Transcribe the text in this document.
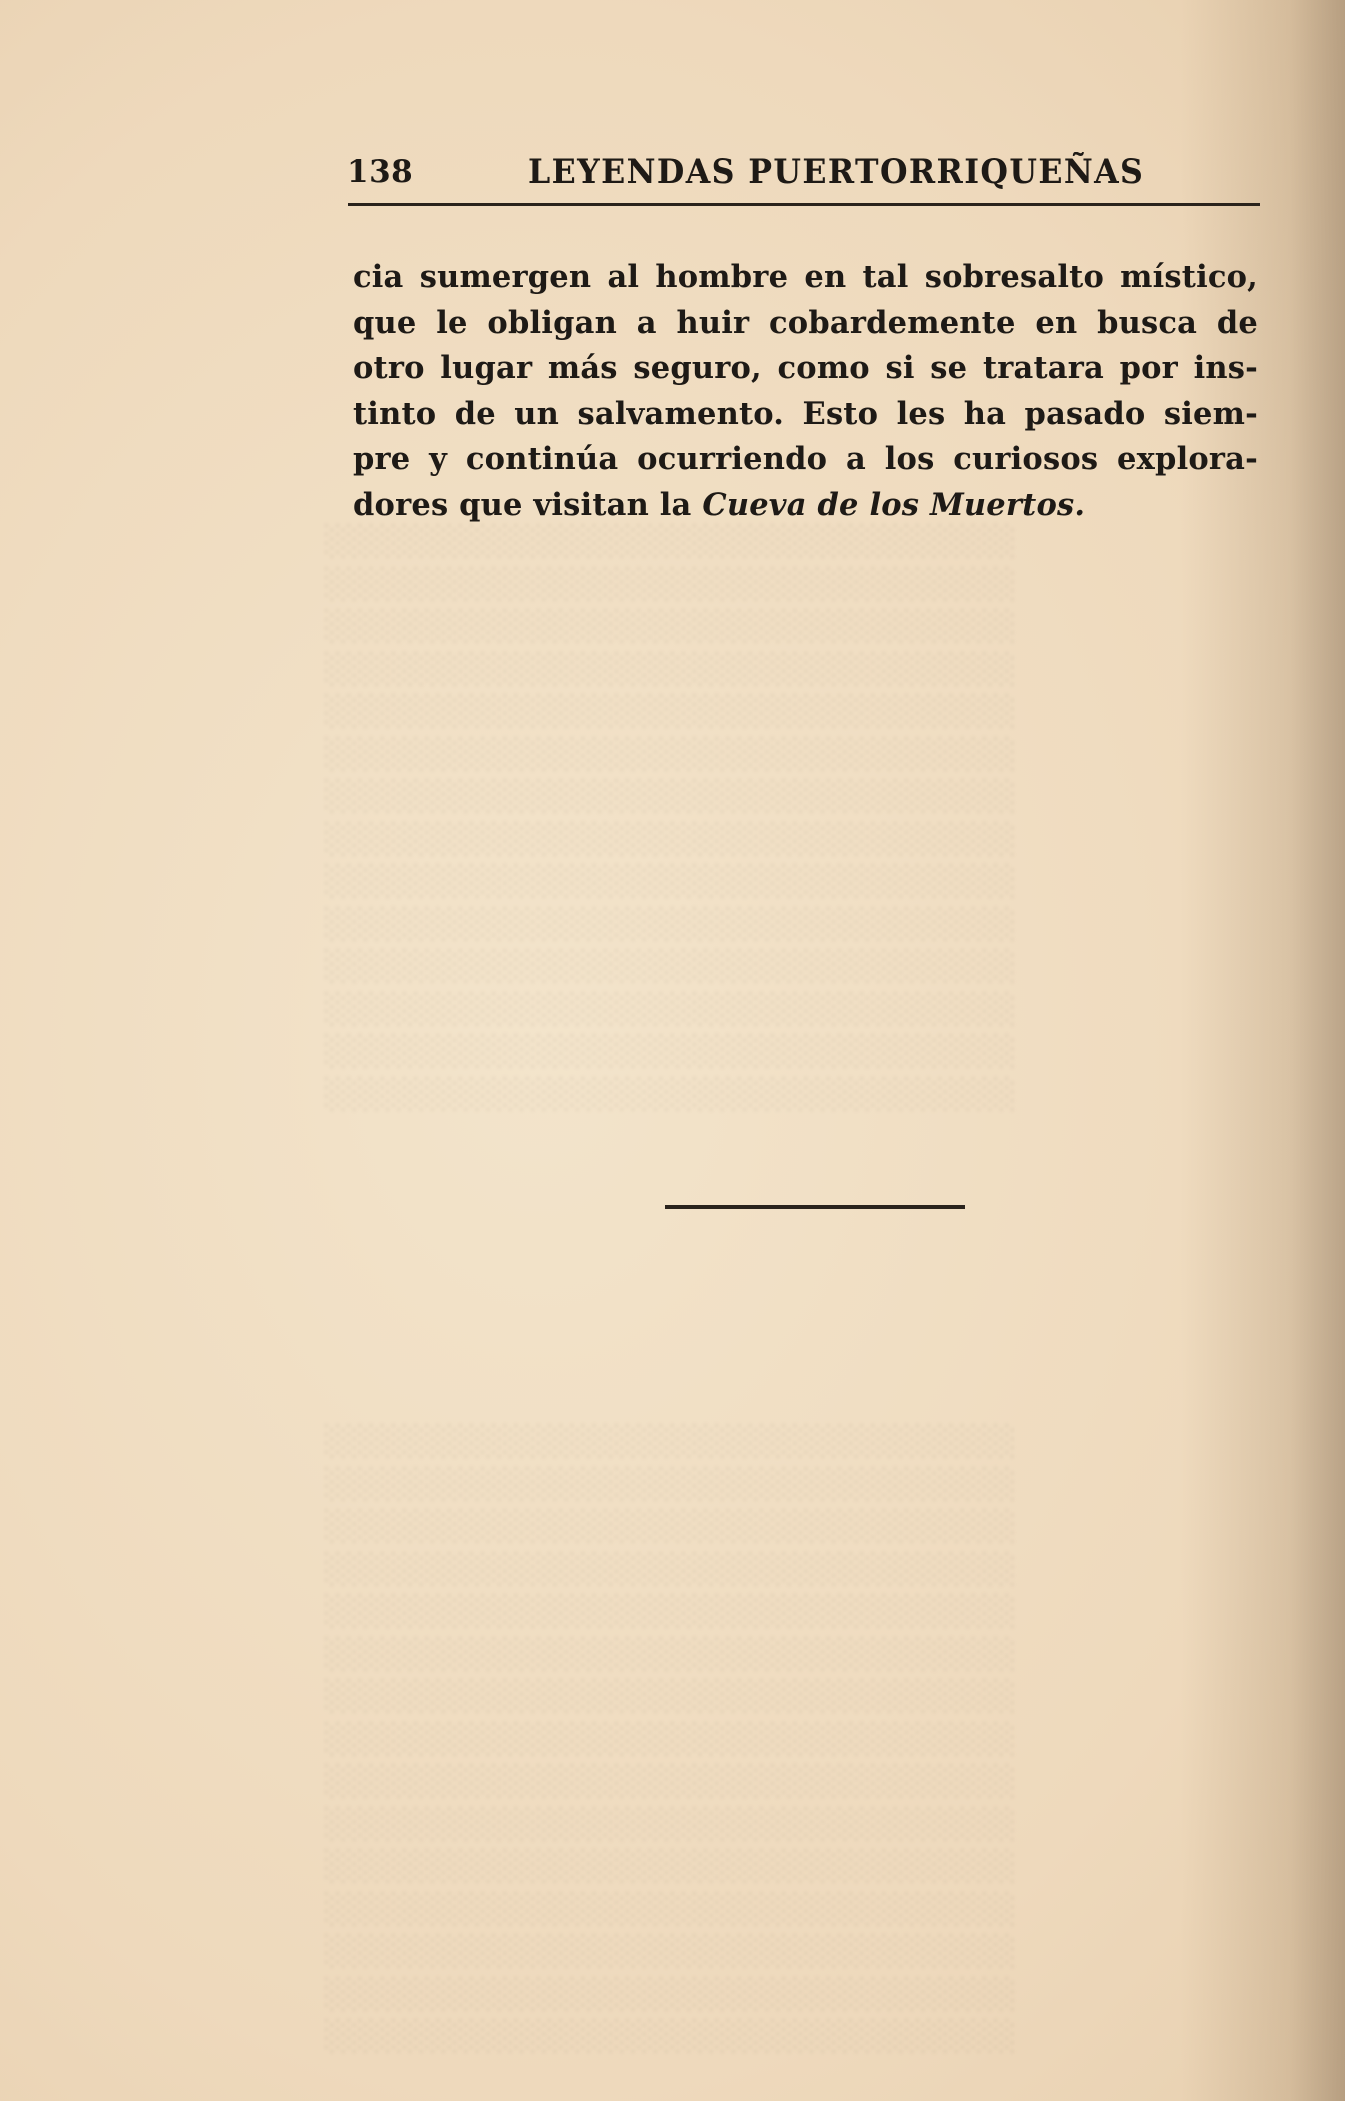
░░░░░░░░░░░░░░░░░░░░░░░░░░░░░░░
░░░░░░░░░░░░░░░░░░░░░░░░░░░░░░░
░░░░░░░░░░░░░░░░░░░░░░░░░░░░░░░
░░░░░░░░░░░░░░░░░░░░░░░░░░░░░░░
░░░░░░░░░░░░░░░░░░░░░░░░░░░░░░░
░░░░░░░░░░░░░░░░░░░░░░░░░░░░░░░
░░░░░░░░░░░░░░░░░░░░░░░░░░░░░░░
░░░░░░░░░░░░░░░░░░░░░░░░░░░░░░░
░░░░░░░░░░░░░░░░░░░░░░░░░░░░░░░
░░░░░░░░░░░░░░░░░░░░░░░░░░░░░░░
░░░░░░░░░░░░░░░░░░░░░░░░░░░░░░░
░░░░░░░░░░░░░░░░░░░░░░░░░░░░░░░
░░░░░░░░░░░░░░░░░░░░░░░░░░░░░░░
░░░░░░░░░░░░░░░░░░░░░░░░░░░░░░░
░░░░░░░░░░░░░░░░░░░░░░░░░░░░░░░
░░░░░░░░░░░░░░░░░░░░░░░░░░░░░░░
░░░░░░░░░░░░░░░░░░░░░░░░░░░░░░░
░░░░░░░░░░░░░░░░░░░░░░░░░░░░░░░
░░░░░░░░░░░░░░░░░░░░░░░░░░░░░░░
░░░░░░░░░░░░░░░░░░░░░░░░░░░░░░░
░░░░░░░░░░░░░░░░░░░░░░░░░░░░░░░
░░░░░░░░░░░░░░░░░░░░░░░░░░░░░░░
░░░░░░░░░░░░░░░░░░░░░░░░░░░░░░░
░░░░░░░░░░░░░░░░░░░░░░░░░░░░░░░
░░░░░░░░░░░░░░░░░░░░░░░░░░░░░░░
░░░░░░░░░░░░░░░░░░░░░░░░░░░░░░░
░░░░░░░░░░░░░░░░░░░░░░░░░░░░░░░
░░░░░░░░░░░░░░░░░░░░░░░░░░░░░░░
░░░░░░░░░░░░░░░░░░░░░░░░░░░░░░░
138	LEYENDAS PUERTORRIQUEÑAS
cia sumergen al hombre en tal sobresalto místico,
que le obligan a huir cobardemente en busca de
otro lugar más seguro, como si se tratara por ins-
tinto de un salvamento. Esto les ha pasado siem-
pre y continúa ocurriendo a los curiosos explora-
dores que visitan la Cueva de los Muertos.
